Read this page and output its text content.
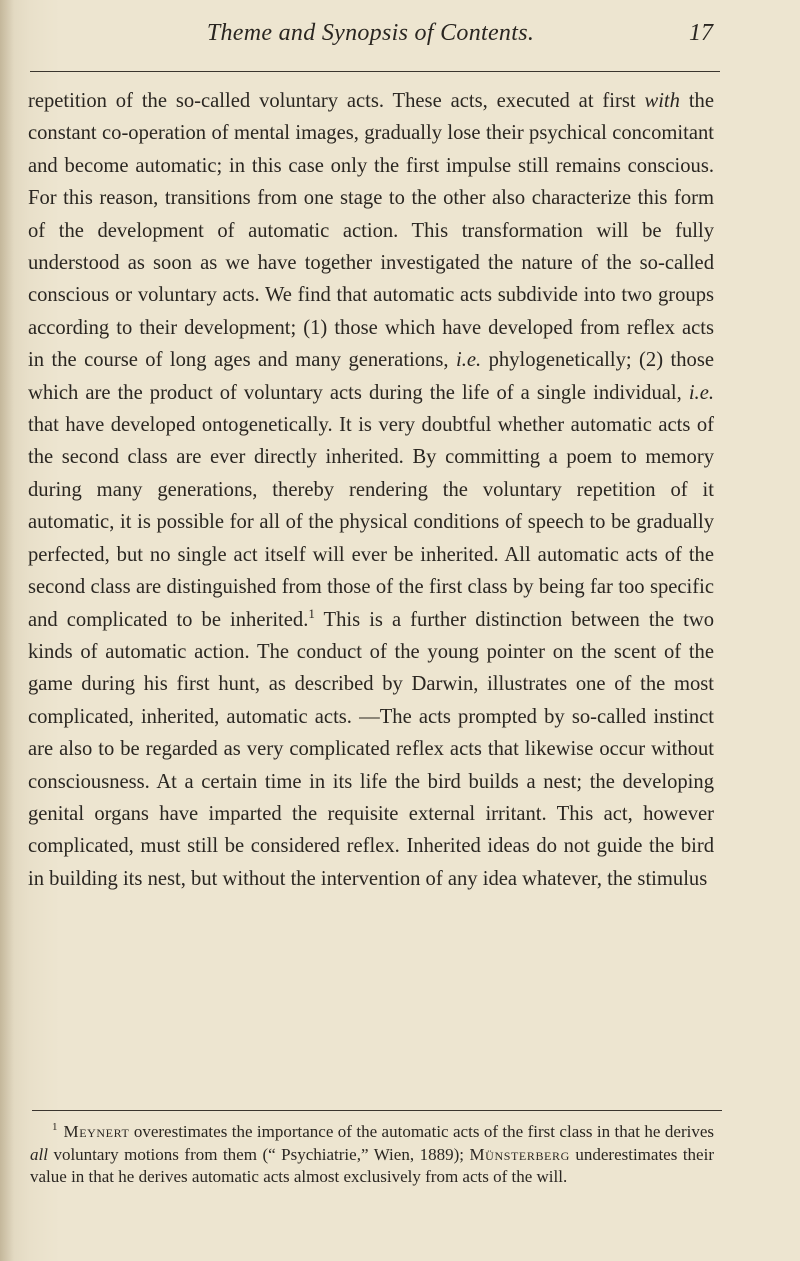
Theme and Synopsis of Contents.	17

repetition of the so-called voluntary acts. These acts, executed at first with the constant co-operation of mental images, gradually lose their psychical concomitant and become automatic; in this case only the first impulse still remains conscious. For this reason, transitions from one stage to the other also characterize this form of the development of automatic action. This transformation will be fully understood as soon as we have together investigated the nature of the so-called conscious or voluntary acts. We find that automatic acts subdivide into two groups according to their development; (1) those which have developed from reflex acts in the course of long ages and many generations, i.e. phylogenetically; (2) those which are the product of voluntary acts during the life of a single individual, i.e. that have developed ontogenetically. It is very doubtful whether automatic acts of the second class are ever directly inherited. By committing a poem to memory during many generations, thereby rendering the voluntary repetition of it automatic, it is possible for all of the physical conditions of speech to be gradually perfected, but no single act itself will ever be inherited. All automatic acts of the second class are distinguished from those of the first class by being far too specific and complicated to be inherited.$^1$ This is a further distinction between the two kinds of automatic action. The conduct of the young pointer on the scent of the game during his first hunt, as described by Darwin, illustrates one of the most complicated, inherited, automatic acts. —The acts prompted by so-called instinct are also to be regarded as very complicated reflex acts that likewise occur without consciousness. At a certain time in its life the bird builds a nest; the developing genital organs have imparted the requisite external irritant. This act, however complicated, must still be considered reflex. Inherited ideas do not guide the bird in building its nest, but without the intervention of any idea whatever, the stimulus

$^1$ Meynert overestimates the importance of the automatic acts of the first class in that he derives all voluntary motions from them (“ Psychiatrie,” Wien, 1889); Münsterberg underestimates their value in that he derives automatic acts almost exclusively from acts of the will.
